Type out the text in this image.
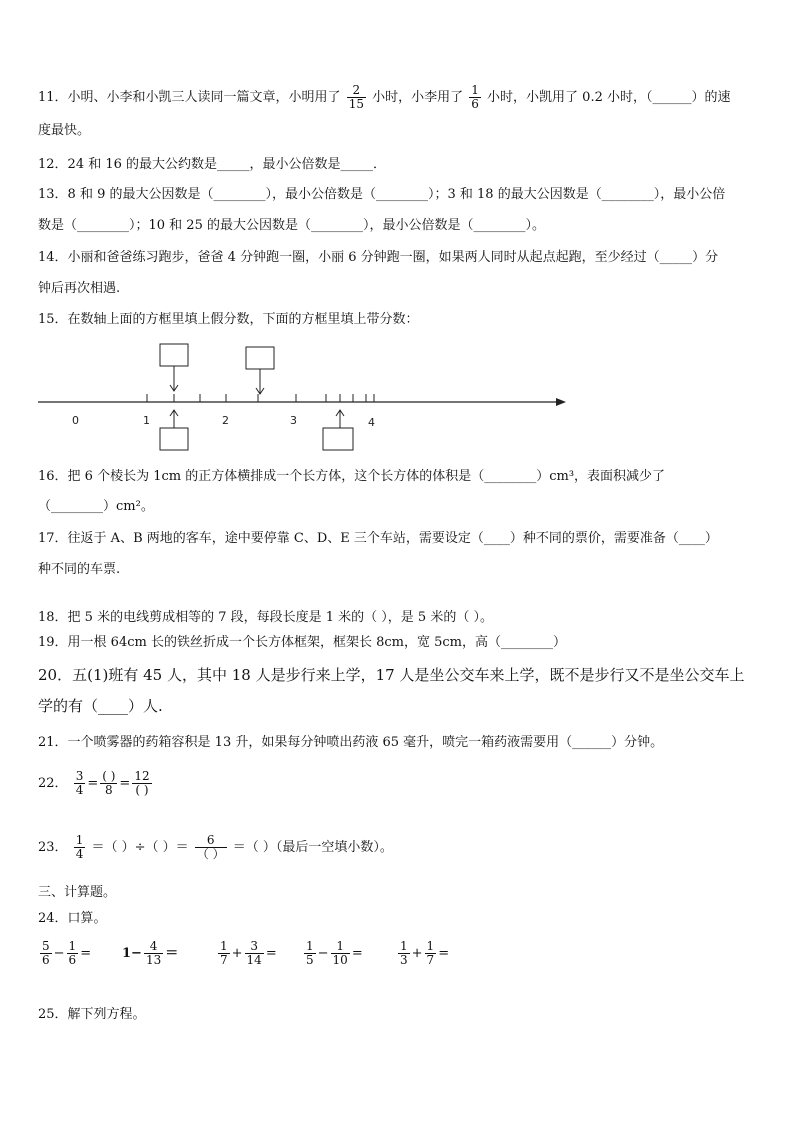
11．小明、小李和小凯三人读同一篇文章，小明用了 $\frac{2}{15}$ 小时，小李用了 $\frac{1}{6}$ 小时，小凯用了 0.2 小时，（______）的速
度最快。
12．24 和 16 的最大公约数是_____，最小公倍数是_____．
13．8 和 9 的最大公因数是（________），最小公倍数是（________）；3 和 18 的最大公因数是（________），最小公倍
数是（________）；10 和 25 的最大公因数是（________），最小公倍数是（________）。
14．小丽和爸爸练习跑步，爸爸 4 分钟跑一圈，小丽 6 分钟跑一圈，如果两人同时从起点起跑，至少经过（_____）分
钟后再次相遇.
15．在数轴上面的方框里填上假分数，下面的方框里填上带分数：
0	1	2	3	4
16．把 6 个棱长为 1cm 的正方体横排成一个长方体，这个长方体的体积是（________）cm³，表面积减少了
（________）cm²。
17．往返于 A、B 两地的客车，途中要停靠 C、D、E 三个车站，需要设定（____）种不同的票价，需要准备（____）
种不同的车票.
18．把 5 米的电线剪成相等的 7 段，每段长度是 1 米的（ ），是 5 米的（ ）。
19．用一根 64cm 长的铁丝折成一个长方体框架，框架长 8cm，宽 5cm，高（________）
20．五(1)班有 45 人，其中 18 人是步行来上学，17 人是坐公交车来上学，既不是步行又不是坐公交车上
学的有（____）人.
21．一个喷雾器的药箱容积是 13 升，如果每分钟喷出药液 65 毫升，喷完一箱药液需要用（______）分钟。
22． $\frac{3}{4} = \frac{( )}{8} = \frac{12}{( )}$
23． $\frac{1}{4}$ ＝（ ）÷（ ）＝ $\frac{6}{( )}$ ＝（ ）（最后一空填小数）。
三、计算题。
24．口算。
$\frac{5}{6} - \frac{1}{6} = 1- \frac{4}{13}$ ＝	$\frac{1}{7} + \frac{3}{14} = \frac{1}{5} - \frac{1}{10}$ =	$\frac{1}{3} + \frac{1}{7}$ =
25．解下列方程。
